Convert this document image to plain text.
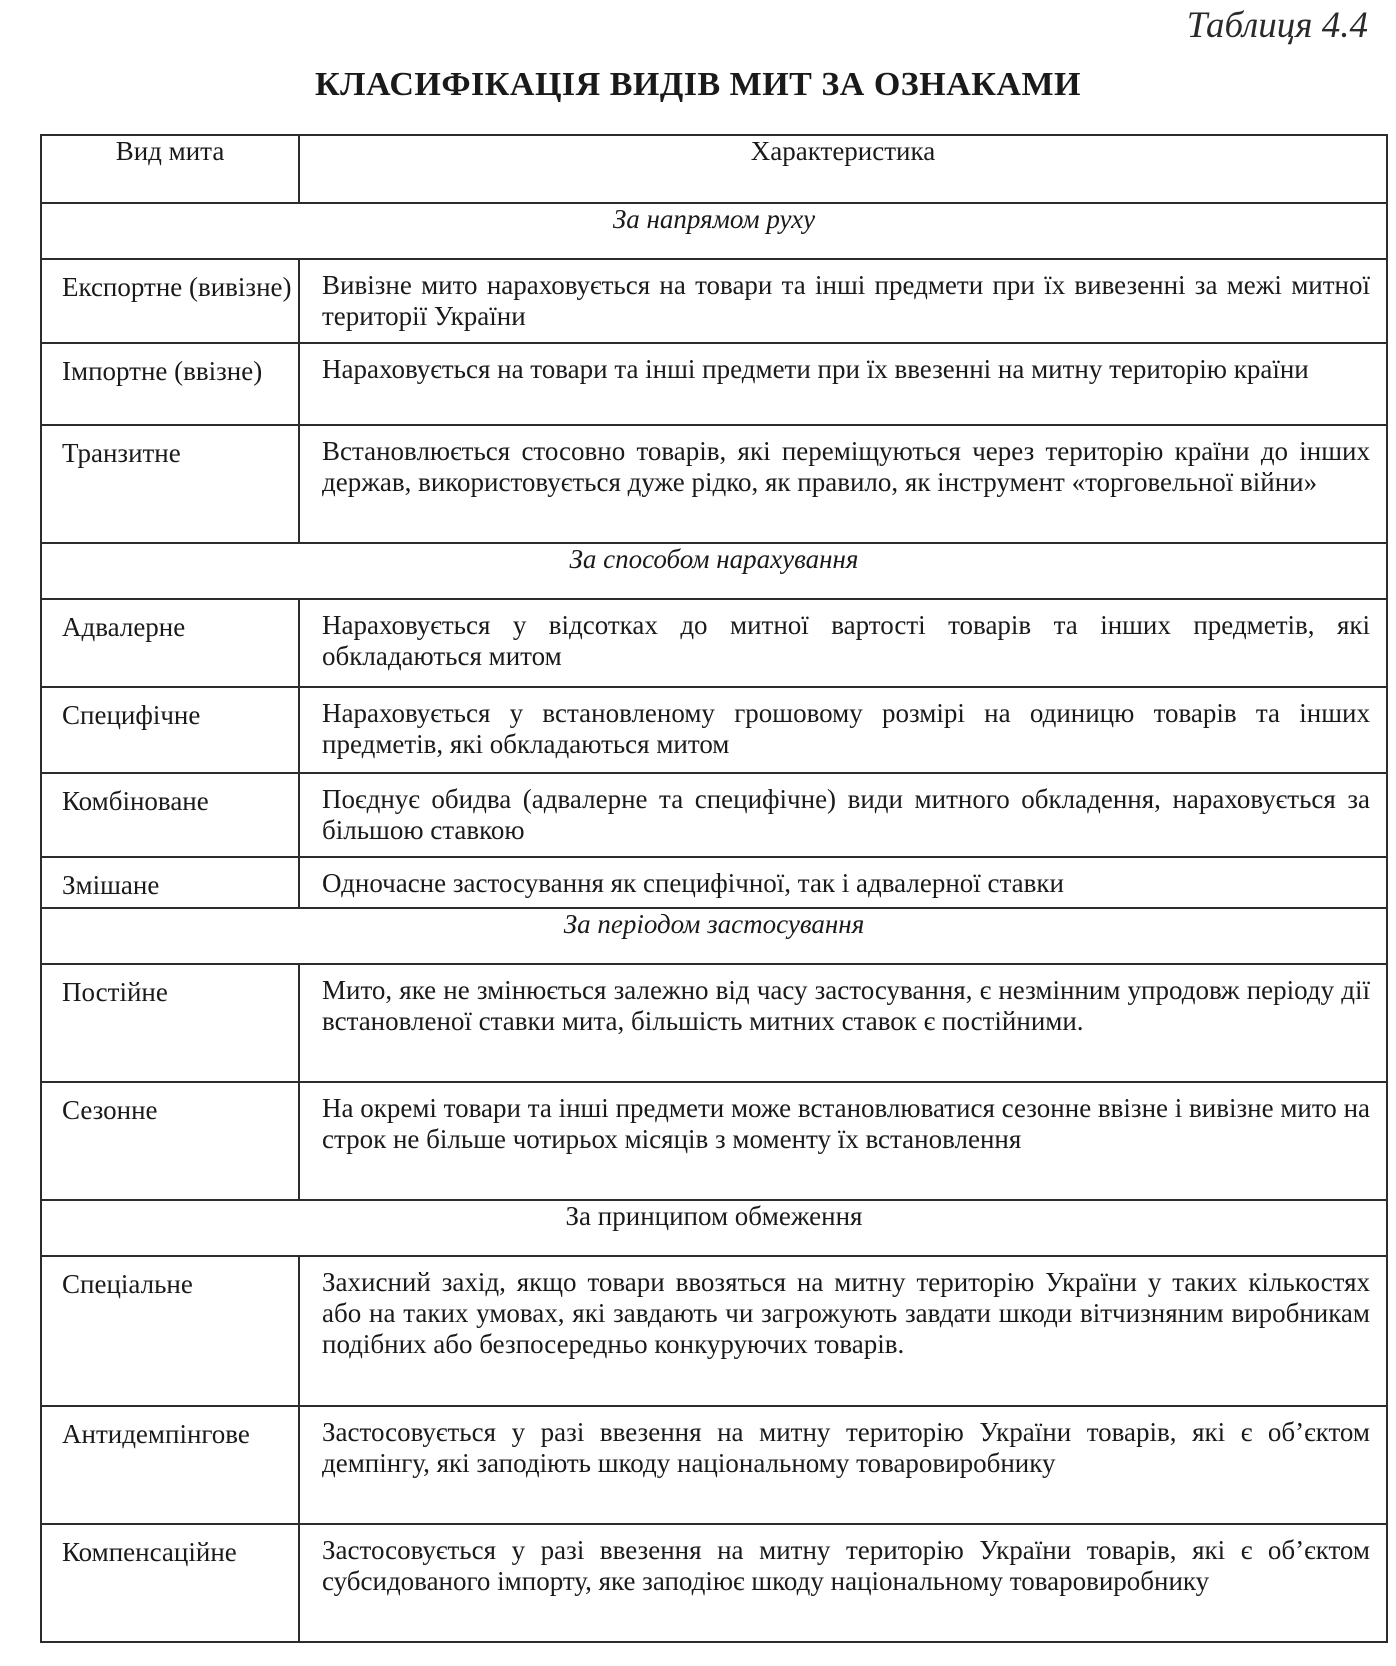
Таблиця 4.4
КЛАСИФІКАЦІЯ ВИДІВ МИТ ЗА ОЗНАКАМИ
Вид мита	Характеристика
За напрямом руху	
Експортне (вивізне)	Вивізне мито нараховується на товари та інші предмети при їх вивезенні за межі митної території України
Імпортне (ввізне)	Нараховується на товари та інші предмети при їх ввезенні на митну територію країни
Транзитне	Встановлюється стосовно товарів, які переміщуються через територію країни до інших держав, використовується дуже рідко, як правило, як інструмент «торговельної війни»
За способом нарахування	
Адвалерне	Нараховується у відсотках до митної вартості товарів та інших предметів, які обкладаються митом
Специфічне	Нараховується у встановленому грошовому розмірі на одиницю товарів та інших предметів, які обкладаються митом
Комбіноване	Поєднує обидва (адвалерне та специфічне) види митного обкладення, нараховується за більшою ставкою
Змішане	Одночасне застосування як специфічної, так і адвалерної ставки
За періодом застосування	
Постійне	Мито, яке не змінюється залежно від часу застосування, є незмінним упродовж періоду дії встановленої ставки мита, більшість митних ставок є постійними.
Сезонне	На окремі товари та інші предмети може встановлюватися сезонне ввізне і вивізне мито на строк не більше чотирьох місяців з моменту їх встановлення
За принципом обмеження	
Спеціальне	Захисний захід, якщо товари ввозяться на митну територію України у таких кількостях або на таких умовах, які завдають чи загрожують завдати шкоди вітчизняним виробникам подібних або безпосередньо конкуруючих товарів.
Антидемпінгове	Застосовується у разі ввезення на митну територію України товарів, які є об’єктом демпінгу, які заподіють шкоду національному товаровиробнику
Компенсаційне	Застосовується у разі ввезення на митну територію України товарів, які є об’єктом субсидованого імпорту, яке заподіює шкоду національному товаровиробнику
